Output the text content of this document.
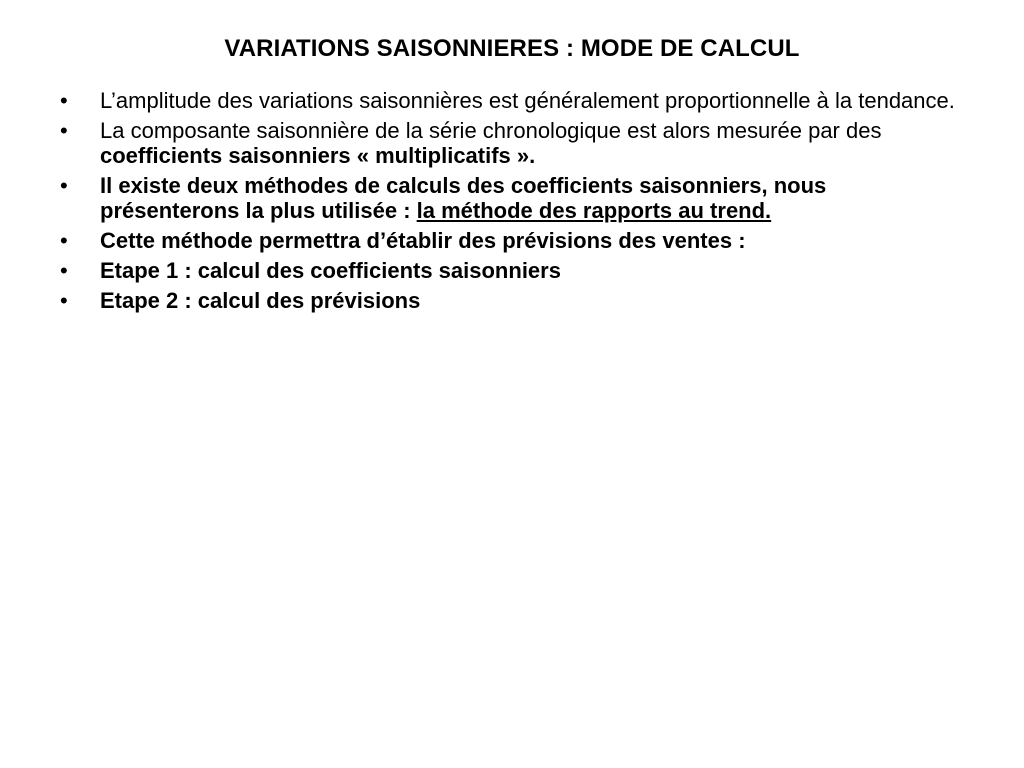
VARIATIONS SAISONNIERES : MODE DE CALCUL
•	L’amplitude des variations saisonnières est généralement proportionnelle à la tendance.
•	La composante saisonnière de la série chronologique est alors mesurée par des coefficients saisonniers « multiplicatifs ».
•	Il existe deux méthodes de calculs des coefficients saisonniers, nous présenterons la plus utilisée : la méthode des rapports au trend.
•	Cette méthode permettra d’établir des prévisions des ventes :
•	Etape 1 : calcul des coefficients saisonniers
•	Etape 2 : calcul des prévisions
